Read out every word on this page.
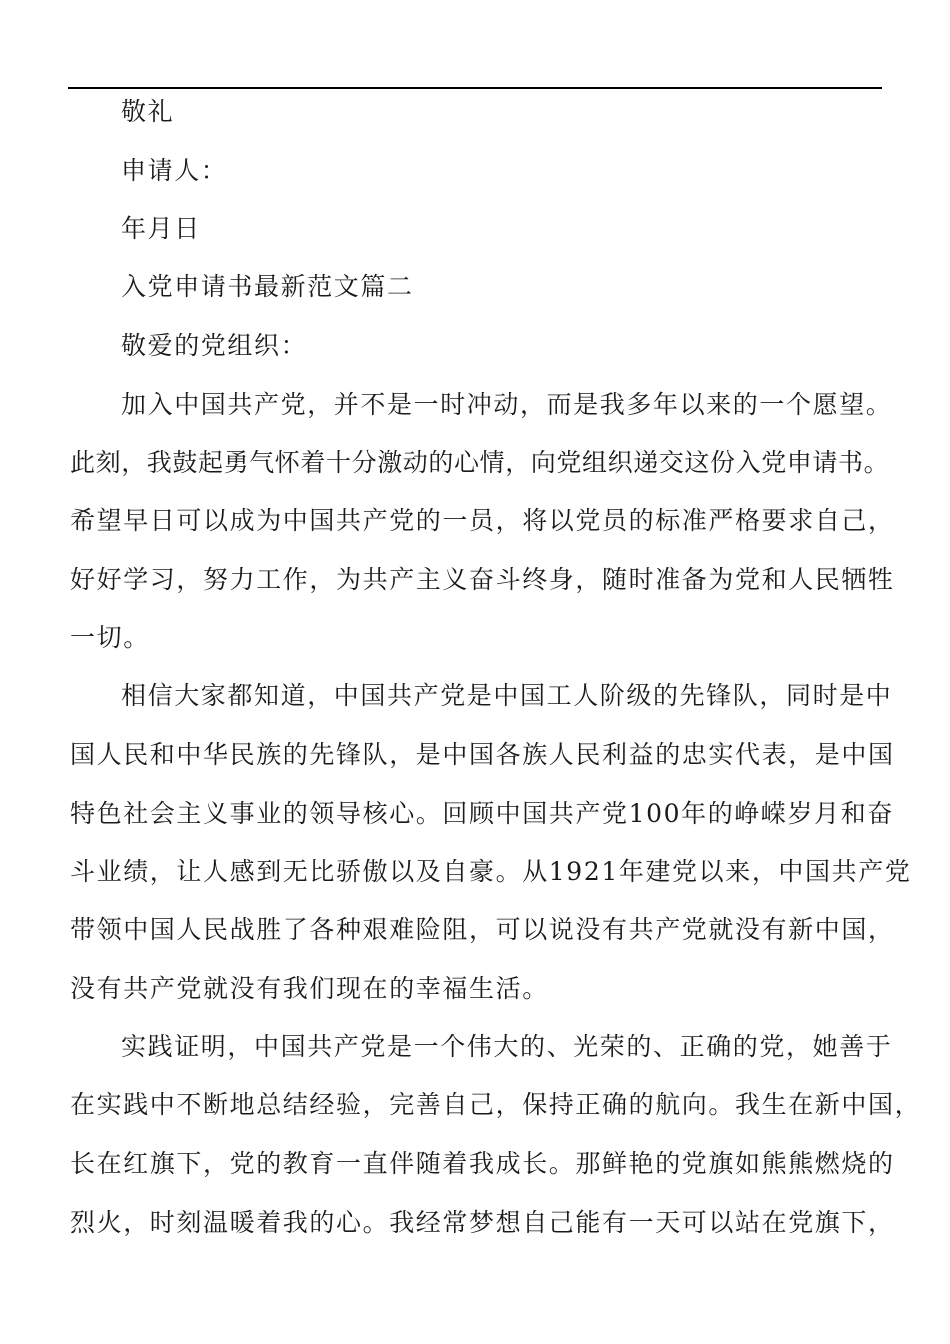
敬礼
申请人：
年月日
入党申请书最新范文篇二
敬爱的党组织：
加入中国共产党，并不是一时冲动，而是我多年以来的一个愿望。
此刻，我鼓起勇气怀着十分激动的心情，向党组织递交这份入党申请书。
希望早日可以成为中国共产党的一员，将以党员的标准严格要求自己，
好好学习，努力工作，为共产主义奋斗终身，随时准备为党和人民牺牲
一切。
相信大家都知道，中国共产党是中国工人阶级的先锋队，同时是中
国人民和中华民族的先锋队，是中国各族人民利益的忠实代表，是中国
特色社会主义事业的领导核心。回顾中国共产党100年的峥嵘岁月和奋
斗业绩，让人感到无比骄傲以及自豪。从1921年建党以来，中国共产党
带领中国人民战胜了各种艰难险阻，可以说没有共产党就没有新中国，
没有共产党就没有我们现在的幸福生活。
实践证明，中国共产党是一个伟大的、光荣的、正确的党，她善于
在实践中不断地总结经验，完善自己，保持正确的航向。我生在新中国，
长在红旗下，党的教育一直伴随着我成长。那鲜艳的党旗如熊熊燃烧的
烈火，时刻温暖着我的心。我经常梦想自己能有一天可以站在党旗下，
